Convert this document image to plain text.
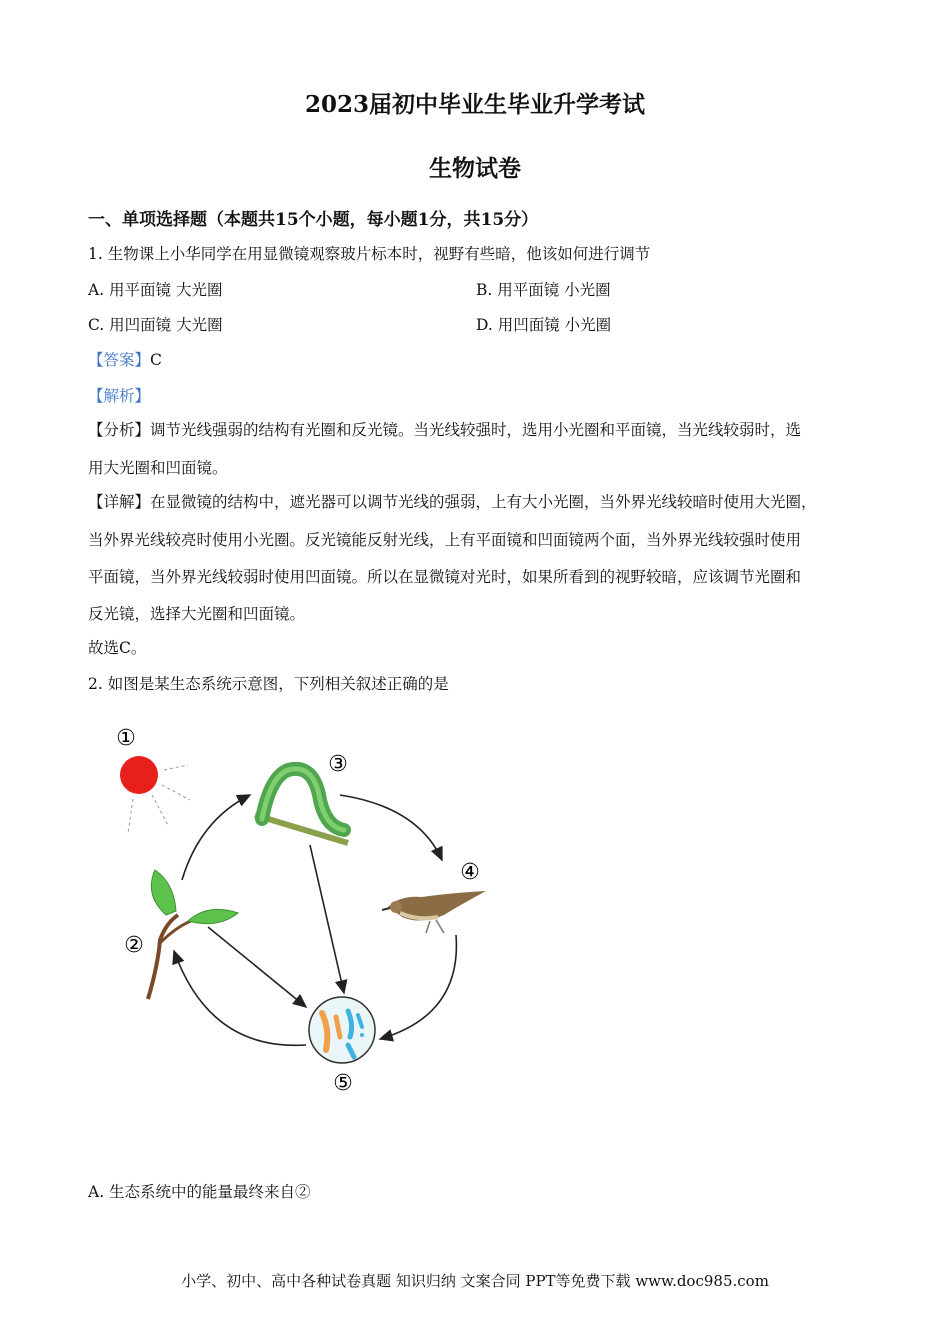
2023届初中毕业生毕业升学考试
生物试卷
一、单项选择题（本题共15个小题，每小题1分，共15分）
1. 生物课上小华同学在用显微镜观察玻片标本时，视野有些暗，他该如何进行调节
A. 用平面镜 大光圈	B. 用平面镜 小光圈
C. 用凹面镜 大光圈	D. 用凹面镜 小光圈
【答案】C
【解析】
【分析】调节光线强弱的结构有光圈和反光镜。当光线较强时，选用小光圈和平面镜，当光线较弱时，选
用大光圈和凹面镜。
【详解】在显微镜的结构中，遮光器可以调节光线的强弱，上有大小光圈，当外界光线较暗时使用大光圈，
当外界光线较亮时使用小光圈。反光镜能反射光线，上有平面镜和凹面镜两个面，当外界光线较强时使用
平面镜，当外界光线较弱时使用凹面镜。所以在显微镜对光时，如果所看到的视野较暗，应该调节光圈和
反光镜，选择大光圈和凹面镜。
故选C。
2. 如图是某生态系统示意图，下列相关叙述正确的是
①
③
④
②
⑤
A. 生态系统中的能量最终来自②
小学、初中、高中各种试卷真题 知识归纳 文案合同 PPT等免费下载 www.doc985.com
